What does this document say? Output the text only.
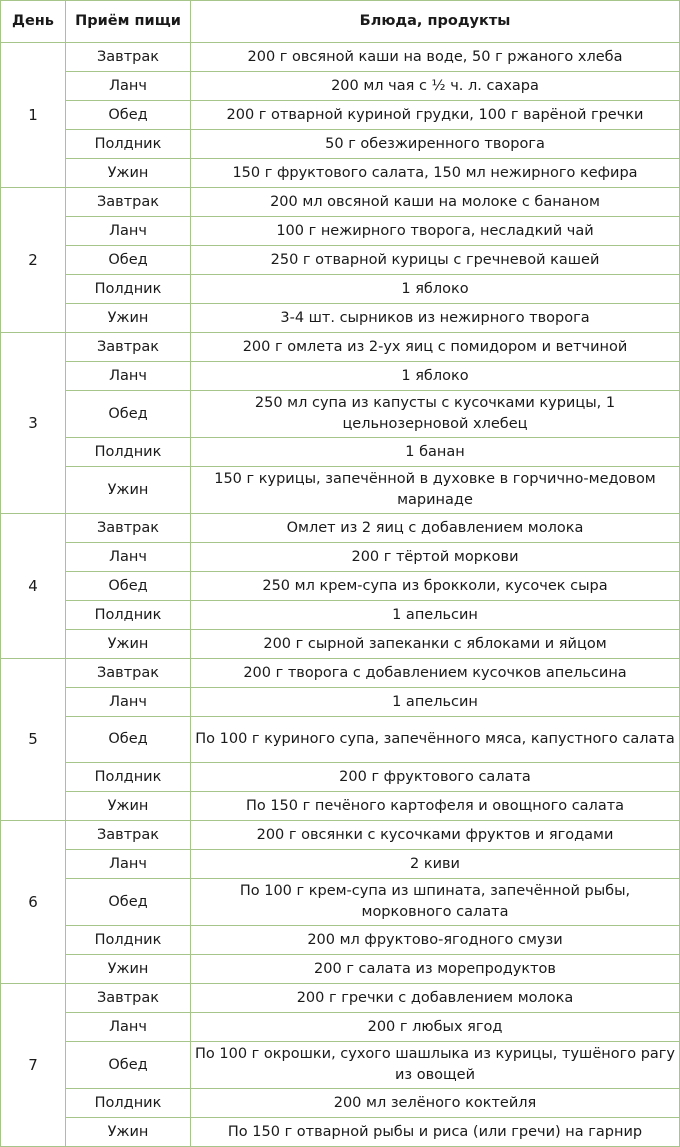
День	Приём пищи	Блюда, продукты
1	Завтрак	200 г овсяной каши на воде, 50 г ржаного хлеба
	Ланч	200 мл чая с ½ ч. л. сахара
	Обед	200 г отварной куриной грудки, 100 г варёной гречки
	Полдник	50 г обезжиренного творога
	Ужин	150 г фруктового салата, 150 мл нежирного кефира
2	Завтрак	200 мл овсяной каши на молоке с бананом
	Ланч	100 г нежирного творога, несладкий чай
	Обед	250 г отварной курицы с гречневой кашей
	Полдник	1 яблоко
	Ужин	3-4 шт. сырников из нежирного творога
3	Завтрак	200 г омлета из 2-ух яиц с помидором и ветчиной
	Ланч	1 яблоко
	Обед	250 мл супа из капусты с кусочками курицы, 1 цельнозерновой хлебец
	Полдник	1 банан
	Ужин	150 г курицы, запечённой в духовке в горчично-медовом маринаде
4	Завтрак	Омлет из 2 яиц с добавлением молока
	Ланч	200 г тёртой моркови
	Обед	250 мл крем-супа из брокколи, кусочек сыра
	Полдник	1 апельсин
	Ужин	200 г сырной запеканки с яблоками и яйцом
5	Завтрак	200 г творога с добавлением кусочков апельсина
	Ланч	1 апельсин
	Обед	По 100 г куриного супа, запечённого мяса, капустного салата
	Полдник	200 г фруктового салата
	Ужин	По 150 г печёного картофеля и овощного салата
6	Завтрак	200 г овсянки с кусочками фруктов и ягодами
	Ланч	2 киви
	Обед	По 100 г крем-супа из шпината, запечённой рыбы, морковного салата
	Полдник	200 мл фруктово-ягодного смузи
	Ужин	200 г салата из морепродуктов
7	Завтрак	200 г гречки с добавлением молока
	Ланч	200 г любых ягод
	Обед	По 100 г окрошки, сухого шашлыка из курицы, тушёного рагу из овощей
	Полдник	200 мл зелёного коктейля
	Ужин	По 150 г отварной рыбы и риса (или гречи) на гарнир
